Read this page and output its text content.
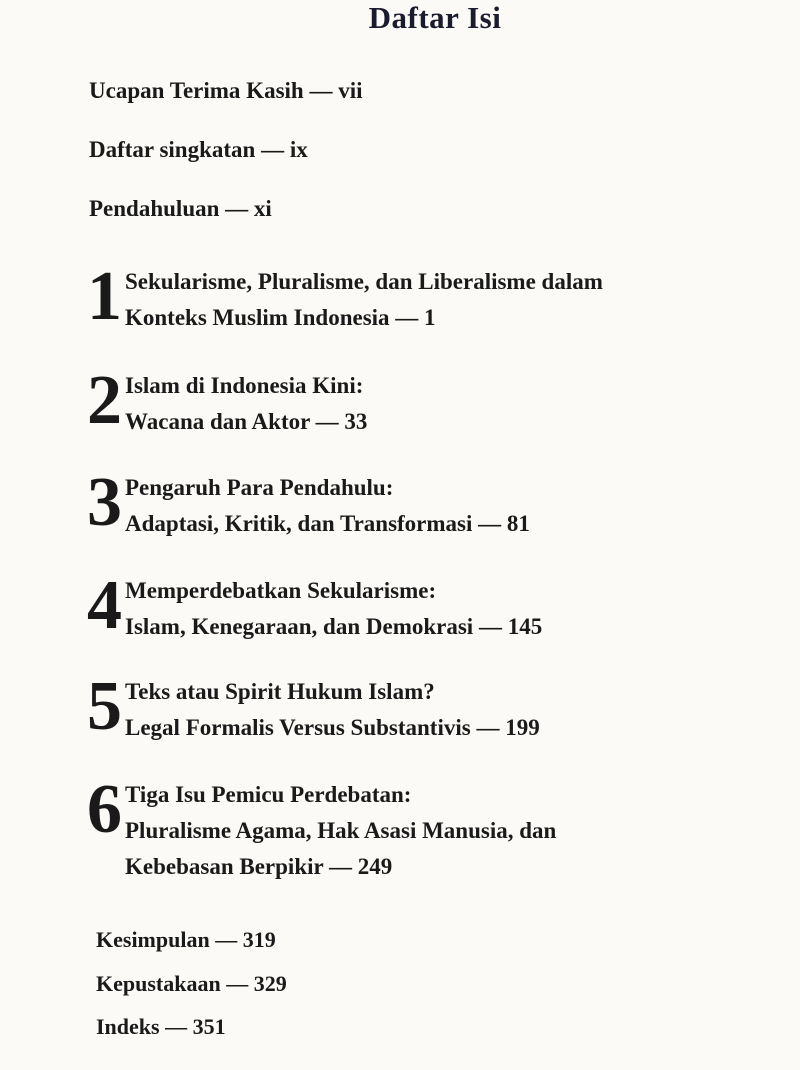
Daftar Isi
Ucapan Terima Kasih — vii
Daftar singkatan — ix
Pendahuluan — xi
1 Sekularisme, Pluralisme, dan Liberalisme dalam
Konteks Muslim Indonesia — 1
2 Islam di Indonesia Kini:
Wacana dan Aktor — 33
3 Pengaruh Para Pendahulu:
Adaptasi, Kritik, dan Transformasi — 81
4 Memperdebatkan Sekularisme:
Islam, Kenegaraan, dan Demokrasi — 145
5 Teks atau Spirit Hukum Islam?
Legal Formalis Versus Substantivis — 199
6 Tiga Isu Pemicu Perdebatan:
Pluralisme Agama, Hak Asasi Manusia, dan
Kebebasan Berpikir — 249
Kesimpulan — 319
Kepustakaan — 329
Indeks — 351
